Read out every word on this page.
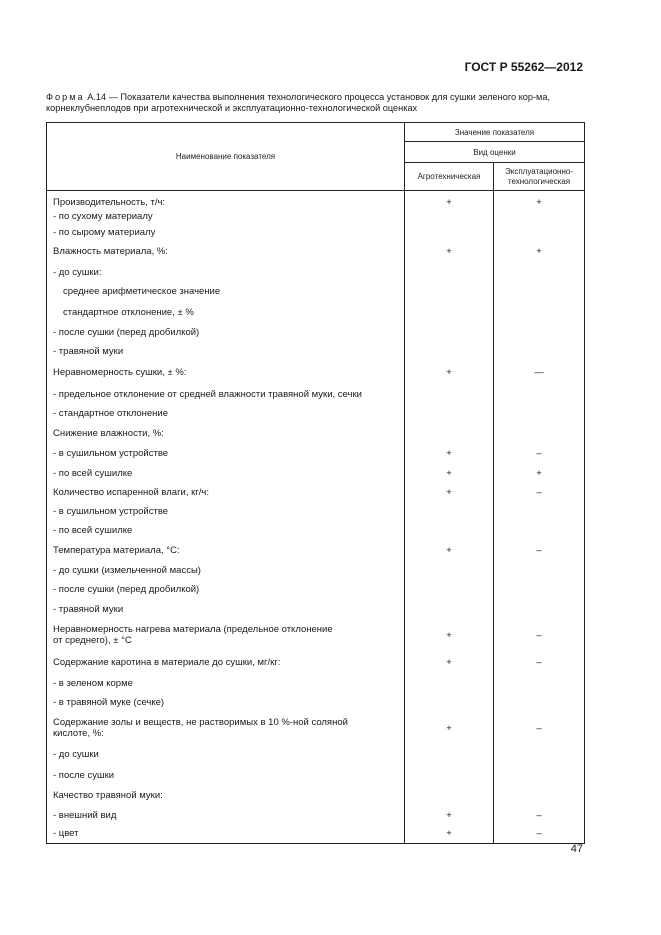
ГОСТ Р 55262—2012
Форма А.14 — Показатели качества выполнения технологического процесса установок для сушки зеленого кор-ма, корнеклубнеплодов при агротехнической и эксплуатационно-технологической оценках
Наименование показателя	Значение показателя	
	Вид оценки	
	Агротехническая	Эксплуатационно-технологическая

Производительность, т/ч:	+	+

- по сухому материалу		

- по сырому материалу		

Влажность материала, %:	+	+

- до сушки:		

среднее арифметическое значение		

стандартное отклонение, ± %		

- после сушки (перед дробилкой)		

- травяной муки		

Неравномерность сушки, ± %:	+	—

- предельное отклонение от средней влажности травяной муки, сечки		

- стандартное отклонение		

Снижение влажности, %:		

- в сушильном устройстве	+	–

- по всей сушилке	+	+

Количество испаренной влаги, кг/ч:	+	–

- в сушильном устройстве		

- по всей сушилке		

Температура материала, °С:	+	–

- до сушки (измельченной массы)		

- после сушки (перед дробилкой)		

- травяной муки		

Неравномерность нагрева материала (предельное отклонение
от среднего), ± °С	+	–

Содержание каротина в материале до сушки, мг/кг:	+	–

- в зеленом корме		

- в травяной муке (сечке)		

Содержание золы и веществ, не растворимых в 10 %-ной соляной
кислоте, %:	+	–

- до сушки		

- после сушки		

Качество травяной муки:		

- внешний вид	+	–

- цвет	+	–
47
